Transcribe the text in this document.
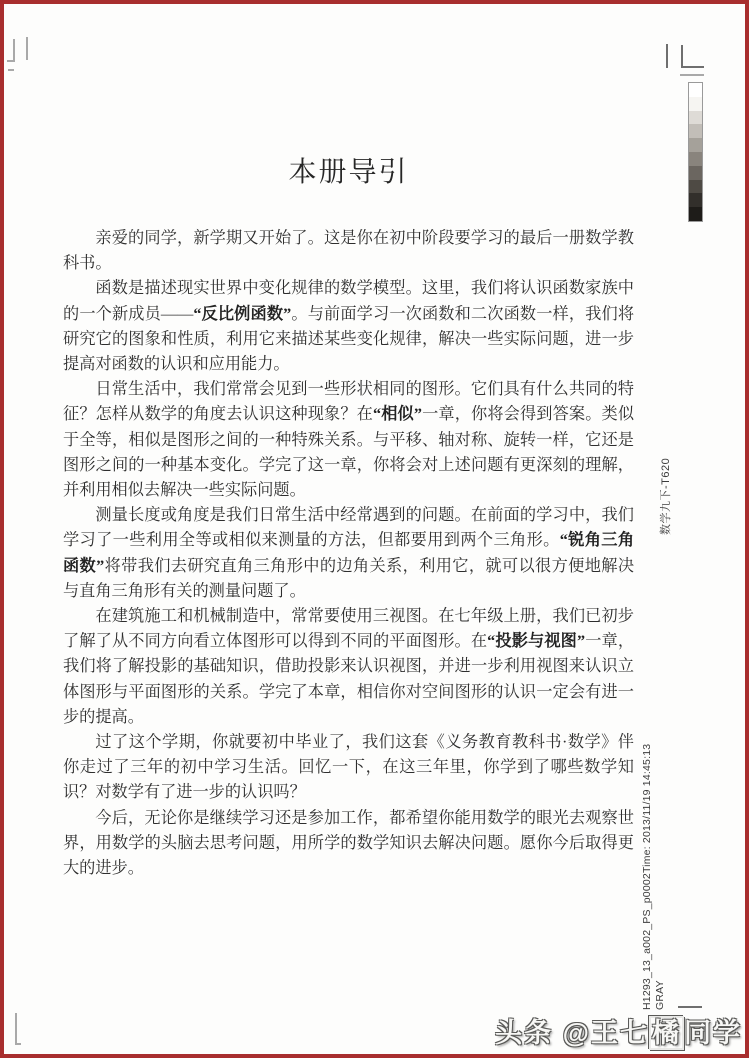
本册导引

亲爱的同学，新学期又开始了。这是你在初中阶段要学习的最后一册数学教科书。

函数是描述现实世界中变化规律的数学模型。这里，我们将认识函数家族中的一个新成员——“反比例函数”。与前面学习一次函数和二次函数一样，我们将研究它的图象和性质，利用它来描述某些变化规律，解决一些实际问题，进一步提高对函数的认识和应用能力。

日常生活中，我们常常会见到一些形状相同的图形。它们具有什么共同的特征？怎样从数学的角度去认识这种现象？在“相似”一章，你将会得到答案。类似于全等，相似是图形之间的一种特殊关系。与平移、轴对称、旋转一样，它还是图形之间的一种基本变化。学完了这一章，你将会对上述问题有更深刻的理解，并利用相似去解决一些实际问题。

测量长度或角度是我们日常生活中经常遇到的问题。在前面的学习中，我们学习了一些利用全等或相似来测量的方法，但都要用到两个三角形。“锐角三角函数”将带我们去研究直角三角形中的边角关系，利用它，就可以很方便地解决与直角三角形有关的测量问题了。

在建筑施工和机械制造中，常常要使用三视图。在七年级上册，我们已初步了解了从不同方向看立体图形可以得到不同的平面图形。在“投影与视图”一章，我们将了解投影的基础知识，借助投影来认识视图，并进一步利用视图来认识立体图形与平面图形的关系。学完了本章，相信你对空间图形的认识一定会有进一步的提高。

过了这个学期，你就要初中毕业了，我们这套《义务教育教科书·数学》伴你走过了三年的初中学习生活。回忆一下，在这三年里，你学到了哪些数学知识？对数学有了进一步的认识吗？

今后，无论你是继续学习还是参加工作，都希望你能用数学的眼光去观察世界，用数学的头脑去思考问题，用所学的数学知识去解决问题。愿你今后取得更大的进步。

数学九下-T620
H1293_13_a002_PS_p0002Time: 2013/11/19 14:45:13 GRAY
头条 @王七 橘 同学
